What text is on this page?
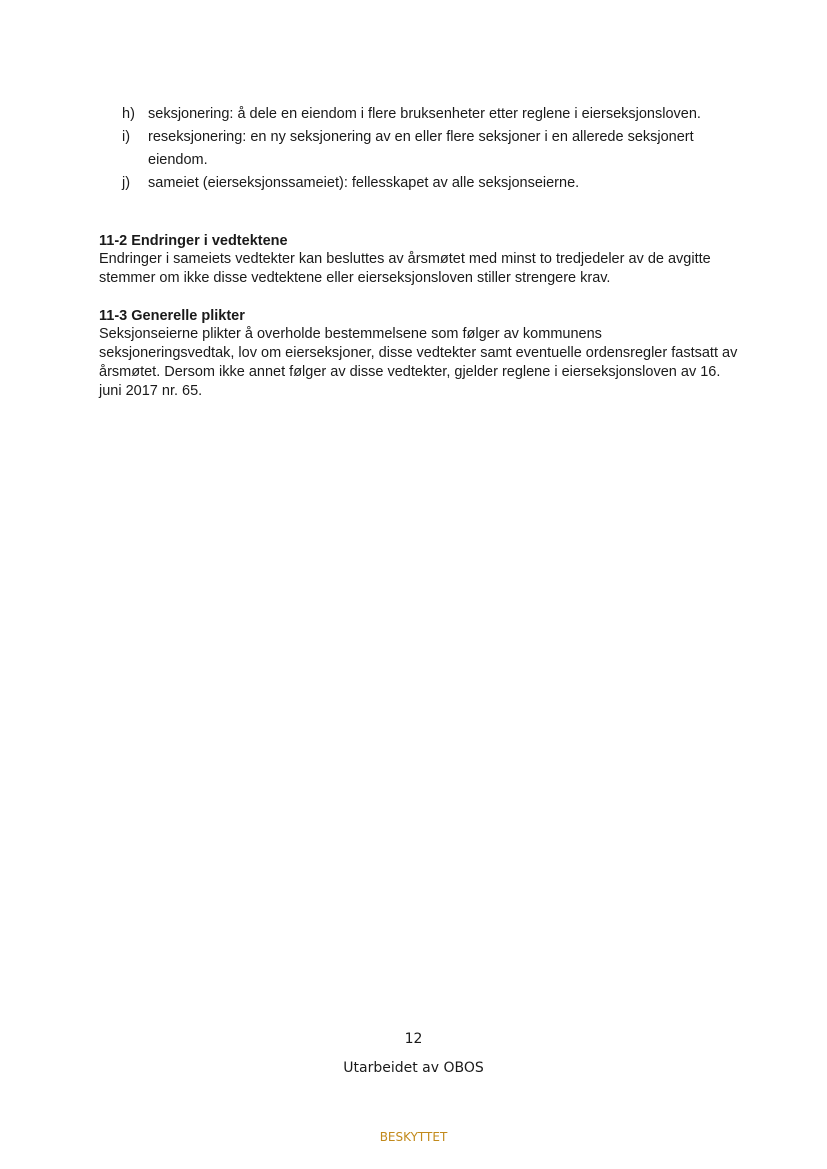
h) seksjonering: å dele en eiendom i flere bruksenheter etter reglene i eierseksjonsloven.
i)	reseksjonering: en ny seksjonering av en eller flere seksjoner i en allerede seksjonert eiendom.
j)	sameiet (eierseksjonssameiet): fellesskapet av alle seksjonseierne.
11-2 Endringer i vedtektene

Endringer i sameiets vedtekter kan besluttes av årsmøtet med minst to tredjedeler av de avgitte stemmer om ikke disse vedtektene eller eierseksjonsloven stiller strengere krav.

11-3 Generelle plikter

Seksjonseierne plikter å overholde bestemmelsene som følger av kommunens seksjoneringsvedtak, lov om eierseksjoner, disse vedtekter samt eventuelle ordensregler fastsatt av årsmøtet. Dersom ikke annet følger av disse vedtekter, gjelder reglene i eierseksjonsloven av 16. juni 2017 nr. 65.

12
Utarbeidet av OBOS
BESKYTTET
